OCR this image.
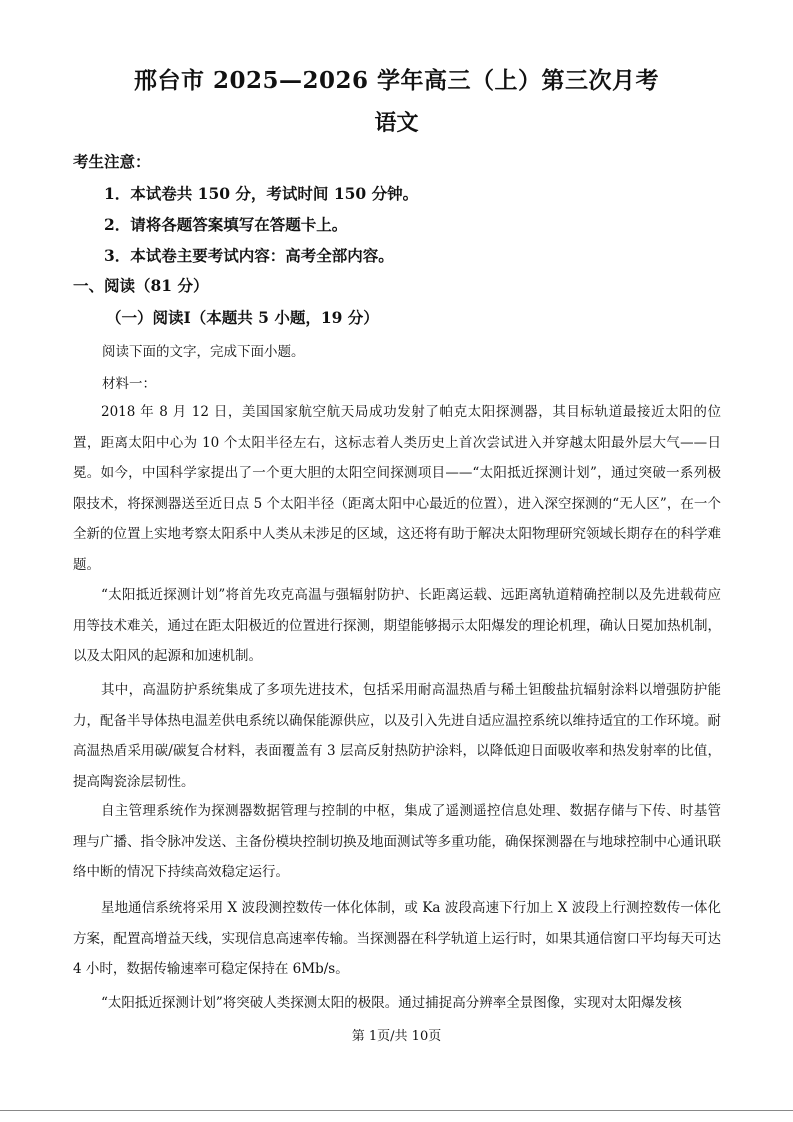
邢台市 2025—2026 学年高三（上）第三次月考
语文
考生注意：
1．本试卷共 150 分，考试时间 150 分钟。
2．请将各题答案填写在答题卡上。
3．本试卷主要考试内容：高考全部内容。
一、阅读（81 分）
（一）阅读Ⅰ（本题共 5 小题，19 分）
阅读下面的文字，完成下面小题。
材料一：
2018 年 8 月 12 日，美国国家航空航天局成功发射了帕克太阳探测器，其目标轨道最接近太阳的位置，距离太阳中心为 10 个太阳半径左右，这标志着人类历史上首次尝试进入并穿越太阳最外层大气——日冕。如今，中国科学家提出了一个更大胆的太阳空间探测项目——“太阳抵近探测计划”，通过突破一系列极限技术，将探测器送至近日点 5 个太阳半径（距离太阳中心最近的位置），进入深空探测的“无人区”，在一个全新的位置上实地考察太阳系中人类从未涉足的区域，这还将有助于解决太阳物理研究领域长期存在的科学难题。
“太阳抵近探测计划”将首先攻克高温与强辐射防护、长距离运载、远距离轨道精确控制以及先进载荷应用等技术难关，通过在距太阳极近的位置进行探测，期望能够揭示太阳爆发的理论机理，确认日冕加热机制，以及太阳风的起源和加速机制。
其中，高温防护系统集成了多项先进技术，包括采用耐高温热盾与稀土钽酸盐抗辐射涂料以增强防护能力，配备半导体热电温差供电系统以确保能源供应，以及引入先进自适应温控系统以维持适宜的工作环境。耐高温热盾采用碳/碳复合材料，表面覆盖有 3 层高反射热防护涂料，以降低迎日面吸收率和热发射率的比值，提高陶瓷涂层韧性。
自主管理系统作为探测器数据管理与控制的中枢，集成了遥测遥控信息处理、数据存储与下传、时基管理与广播、指令脉冲发送、主备份模块控制切换及地面测试等多重功能，确保探测器在与地球控制中心通讯联络中断的情况下持续高效稳定运行。
星地通信系统将采用 X 波段测控数传一体化体制，或 Ka 波段高速下行加上 X 波段上行测控数传一体化方案，配置高增益天线，实现信息高速率传输。当探测器在科学轨道上运行时，如果其通信窗口平均每天可达 4 小时，数据传输速率可稳定保持在 6Mb/s。
“太阳抵近探测计划”将突破人类探测太阳的极限。通过捕捉高分辨率全景图像，实现对太阳爆发核
第 1页/共 10页
